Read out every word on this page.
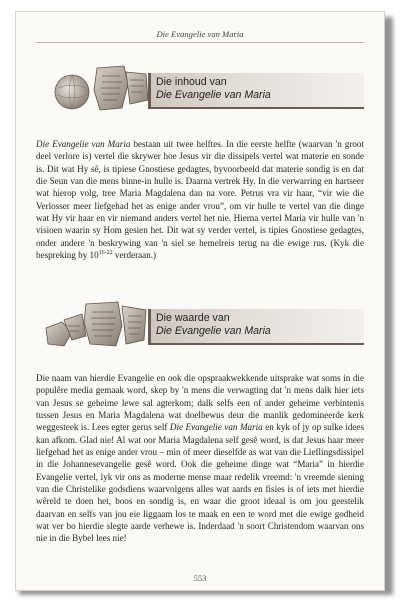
Die Evangelie van Maria
Die inhoud van
Die Evangelie van Maria
Die Evangelie van Maria bestaan uit twee helftes. In die eerste helfte (waarvan 'n groot deel verlore is) vertel die skrywer hoe Jesus vir die dissipels vertel wat materie en sonde is. Dit wat Hy sê, is tipiese Gnostiese gedagtes, byvoorbeeld dat materie sondig is en dat die Seun van die mens binne-in hulle is. Daarna vertrek Hy. In die verwarring en hartseer wat hierop volg, tree Maria Magdalena dan na vore. Petrus vra vir haar, “vir wie die Verlosser meer liefgehad het as enige ander vrou”, om vir hulle te vertel van die dinge wat Hy vir haar en vir niemand anders vertel het nie. Hierna vertel Maria vir hulle van 'n visioen waarin sy Hom gesien het. Dit wat sy verder vertel, is tipies Gnostiese gedagtes, onder andere 'n beskrywing van 'n siel se hemelreis terug na die ewige rus. (Kyk die bespreking by 10$^{16-22}$ verderaan.)
Die waarde van
Die Evangelie van Maria
Die naam van hierdie Evangelie en ook die opspraakwekkende uitsprake wat soms in die populêre media gemaak word, skep by 'n mens die verwagting dat 'n mens dalk hier iets van Jesus se geheime lewe sal agterkom; dalk selfs een of ander geheime verbintenis tussen Jesus en Maria Magdalena wat doelbewus deur die manlik gedomineerde kerk weggesteek is. Lees egter gerus self Die Evangelie van Maria en kyk of jy op sulke idees kan afkom. Glad nie! Al wat oor Maria Magdalena self gesê word, is dat Jesus haar meer liefgehad het as enige ander vrou – min of meer dieselfde as wat van die Lieflingsdissipel in die Johannesevangelie gesê word. Ook die geheime dinge wat “Maria” in hierdie Evangelie vertel, lyk vir ons as moderne mense maar redelik vreemd: 'n vreemde siening van die Christelike godsdiens waarvolgens alles wat aards en fisies is of iets met hierdie wêreld te doen het, boos en sondig is, en waar die groot ideaal is om jou geestelik daarvan en selfs van jou eie liggaam los te maak en een te word met die ewige godheid wat ver bo hierdie slegte aarde verhewe is. Inderdaad 'n soort Christendom waarvan ons nie in die Bybel lees nie!
553
